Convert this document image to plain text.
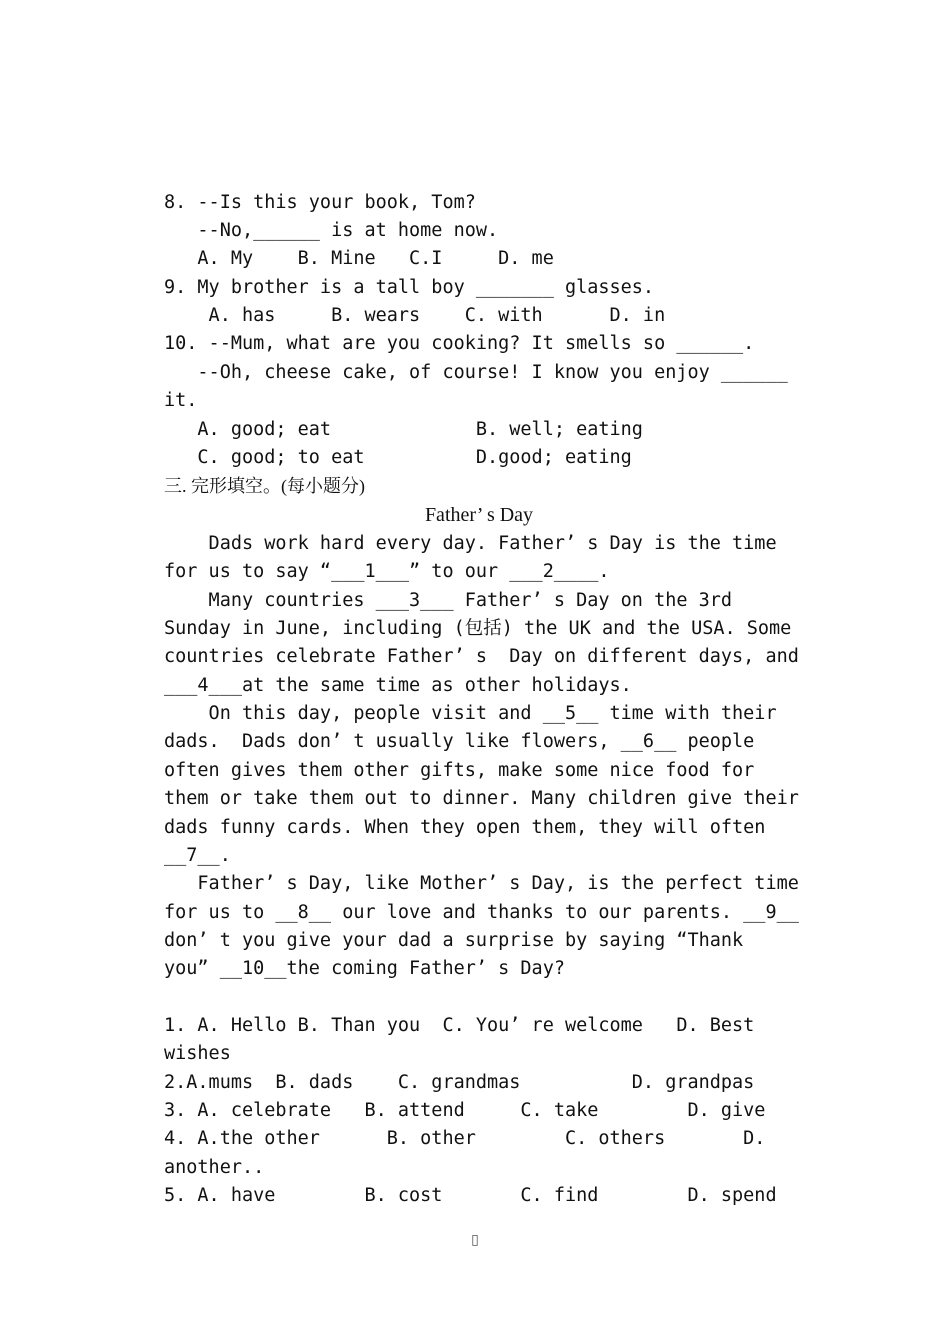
8. --Is this your book, Tom?
--No,______ is at home now.
A. My    B. Mine   C.I     D. me
9. My brother is a tall boy _______ glasses.
A. has     B. wears    C. with      D. in
10. --Mum, what are you cooking? It smells so ______.
--Oh, cheese cake, of course! I know you enjoy ______
it.
A. good; eat             B. well; eating
C. good; to eat          D.good; eating
三. 完形填空。(每小题分)
Father’ s Day
Dads work hard every day. Father’ s Day is the time
for us to say “___1___” to our ___2____.
Many countries ___3___ Father’ s Day on the 3rd
Sunday in June, including (包括) the UK and the USA. Some
countries celebrate Father’ s  Day on different days, and
___4___at the same time as other holidays.
On this day, people visit and __5__ time with their
dads.  Dads don’ t usually like flowers, __6__ people
often gives them other gifts, make some nice food for
them or take them out to dinner. Many children give their
dads funny cards. When they open them, they will often
__7__.
Father’ s Day, like Mother’ s Day, is the perfect time
for us to __8__ our love and thanks to our parents. __9__
don’ t you give your dad a surprise by saying “Thank
you” __10__the coming Father’ s Day?
1. A. Hello B. Than you  C. You’ re welcome   D. Best
wishes
2.A.mums  B. dads    C. grandmas          D. grandpas
3. A. celebrate   B. attend     C. take        D. give
4. A.the other      B. other        C. others       D.
another..
5. A. have        B. cost       C. find        D. spend
▯
